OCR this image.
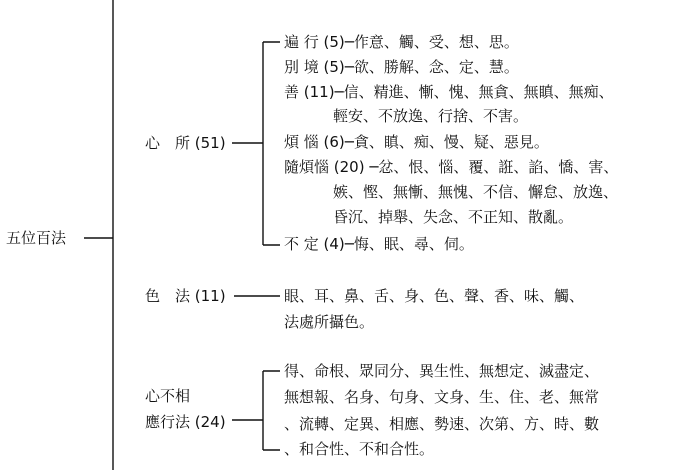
五位百法
心　所 (51)
遍 行 (5)─作意、觸、受、想、思。
別 境 (5)─欲、勝解、念、定、慧。
善 (11)─信、精進、慚、愧、無貪、無瞋、無痴、
輕安、不放逸、行捨、不害。
煩 惱 (6)─貪、瞋、痴、慢、疑、惡見。
隨煩惱 (20) ─忿、恨、惱、覆、誑、諂、憍、害、
嫉、慳、無慚、無愧、不信、懈怠、放逸、
昏沉、掉舉、失念、不正知、散亂。
不 定 (4)─悔、眠、尋、伺。
色　法 (11)	眼、耳、鼻、舌、身、色、聲、香、味、觸、
法處所攝色。
心不相
應行法 (24)
得、命根、眾同分、異生性、無想定、滅盡定、
無想報、名身、句身、文身、生、住、老、無常
、流轉、定異、相應、勢速、次第、方、時、數
、和合性、不和合性。
